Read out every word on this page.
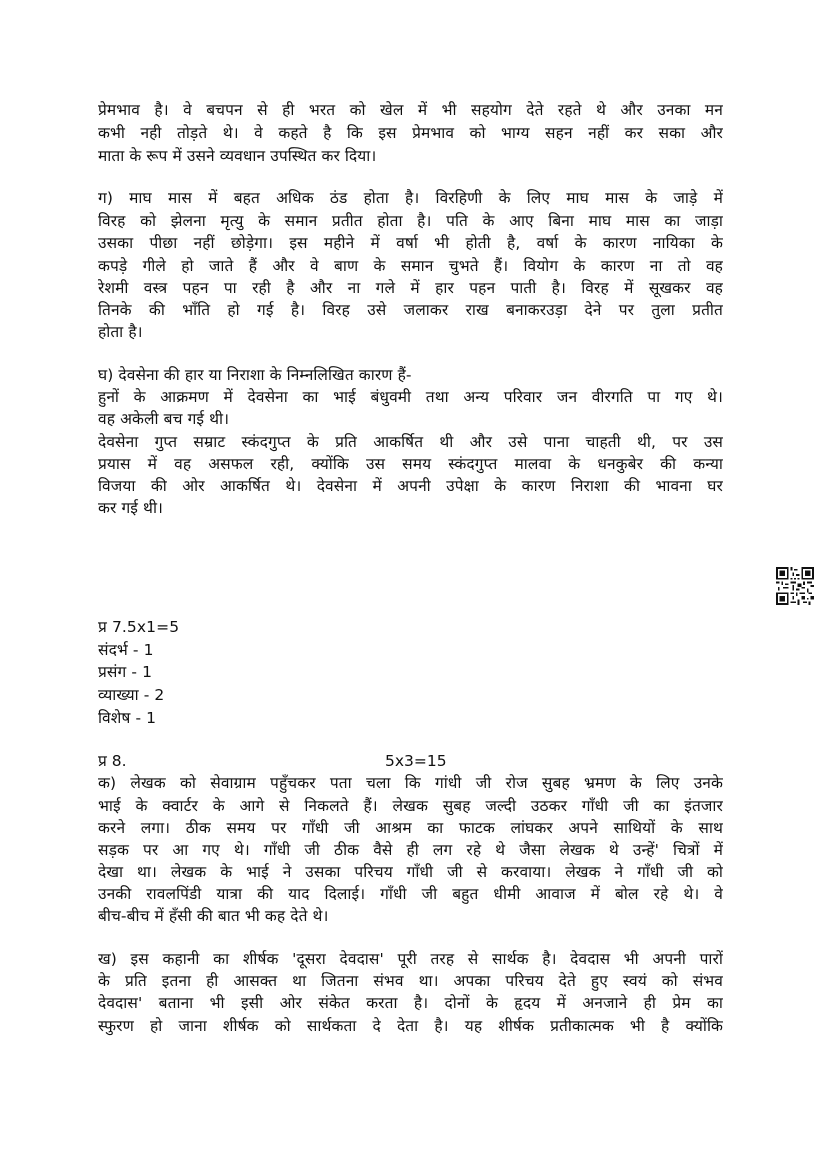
प्रेमभाव है। वे बचपन से ही भरत को खेल में भी सहयोग देते रहते थे और उनका मन
कभी नही तोड़ते थे। वे कहते है कि इस प्रेमभाव को भाग्य सहन नहीं कर सका और
माता के रूप में उसने व्यवधान उपस्थित कर दिया।
ग) माघ मास में बहत अधिक ठंड होता है। विरहिणी के लिए माघ मास के जाड़े में
विरह को झेलना मृत्यु के समान प्रतीत होता है। पति के आए बिना माघ मास का जाड़ा
उसका पीछा नहीं छोड़ेगा। इस महीने में वर्षा भी होती है, वर्षा के कारण नायिका के
कपड़े गीले हो जाते हैं और वे बाण के समान चुभते हैं। वियोग के कारण ना तो वह
रेशमी वस्त्र पहन पा रही है और ना गले में हार पहन पाती है। विरह में सूखकर वह
तिनके की भाँति हो गई है। विरह उसे जलाकर राख बनाकरउड़ा देने पर तुला प्रतीत
होता है।
घ) देवसेना की हार या निराशा के निम्नलिखित कारण हैं-
हुनों के आक्रमण में देवसेना का भाई बंधुवमी तथा अन्य परिवार जन वीरगति पा गए थे।
वह अकेली बच गई थी।
देवसेना गुप्त सम्राट स्कंदगुप्त के प्रति आकर्षित थी और उसे पाना चाहती थी, पर उस
प्रयास में वह असफल रही, क्योंकि उस समय स्कंदगुप्त मालवा के धनकुबेर की कन्या
विजया की ओर आकर्षित थे। देवसेना में अपनी उपेक्षा के कारण निराशा की भावना घर
कर गई थी।
प्र 7.5x1=5
संदर्भ - 1
प्रसंग - 1
व्याख्या - 2
विशेष - 1
प्र 8.	5x3=15
क) लेखक को सेवाग्राम पहुँचकर पता चला कि गांधी जी रोज सुबह भ्रमण के लिए उनके
भाई के क्वार्टर के आगे से निकलते हैं। लेखक सुबह जल्दी उठकर गाँधी जी का इंतजार
करने लगा। ठीक समय पर गाँधी जी आश्रम का फाटक लांघकर अपने साथियों के साथ
सड़क पर आ गए थे। गाँधी जी ठीक वैसे ही लग रहे थे जैसा लेखक थे उन्हें' चित्रों में
देखा था। लेखक के भाई ने उसका परिचय गाँधी जी से करवाया। लेखक ने गाँधी जी को
उनकी रावलपिंडी यात्रा की याद दिलाई। गाँधी जी बहुत धीमी आवाज में बोल रहे थे। वे
बीच-बीच में हँसी की बात भी कह देते थे।
ख) इस कहानी का शीर्षक 'दूसरा देवदास' पूरी तरह से सार्थक है। देवदास भी अपनी पारों
के प्रति इतना ही आसक्त था जितना संभव था। अपका परिचय देते हुए स्वयं को संभव
देवदास' बताना भी इसी ओर संकेत करता है। दोनों के हृदय में अनजाने ही प्रेम का
स्फुरण हो जाना शीर्षक को सार्थकता दे देता है। यह शीर्षक प्रतीकात्मक भी है क्योंकि
